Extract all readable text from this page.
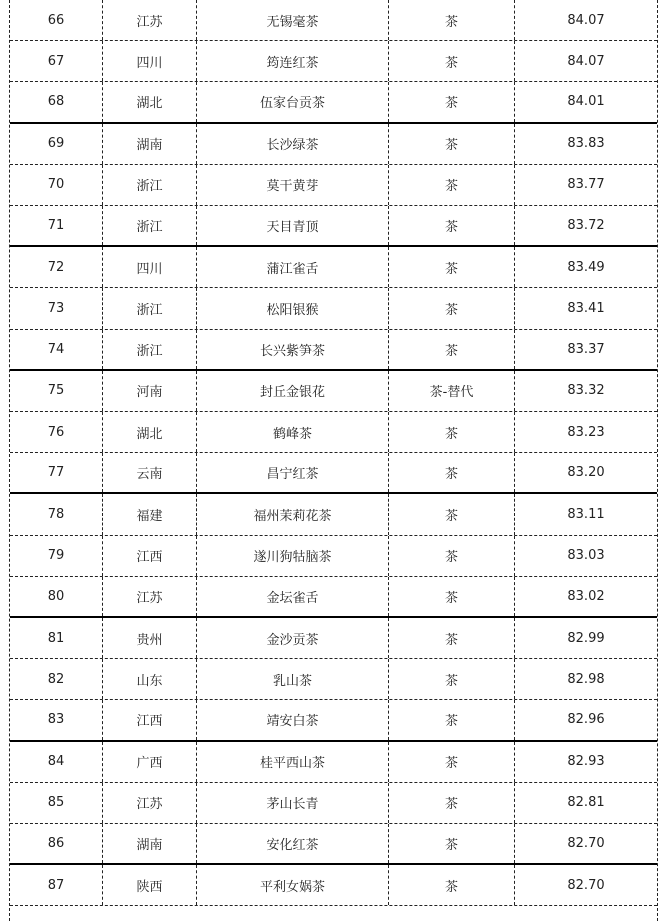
66	江苏	无锡毫茶	茶	84.07
67	四川	筠连红茶	茶	84.07
68	湖北	伍家台贡茶	茶	84.01
69	湖南	长沙绿茶	茶	83.83
70	浙江	莫干黄芽	茶	83.77
71	浙江	天目青顶	茶	83.72
72	四川	蒲江雀舌	茶	83.49
73	浙江	松阳银猴	茶	83.41
74	浙江	长兴紫笋茶	茶	83.37
75	河南	封丘金银花	茶-替代	83.32
76	湖北	鹤峰茶	茶	83.23
77	云南	昌宁红茶	茶	83.20
78	福建	福州茉莉花茶	茶	83.11
79	江西	遂川狗牯脑茶	茶	83.03
80	江苏	金坛雀舌	茶	83.02
81	贵州	金沙贡茶	茶	82.99
82	山东	乳山茶	茶	82.98
83	江西	靖安白茶	茶	82.96
84	广西	桂平西山茶	茶	82.93
85	江苏	茅山长青	茶	82.81
86	湖南	安化红茶	茶	82.70
87	陕西	平利女娲茶	茶	82.70
